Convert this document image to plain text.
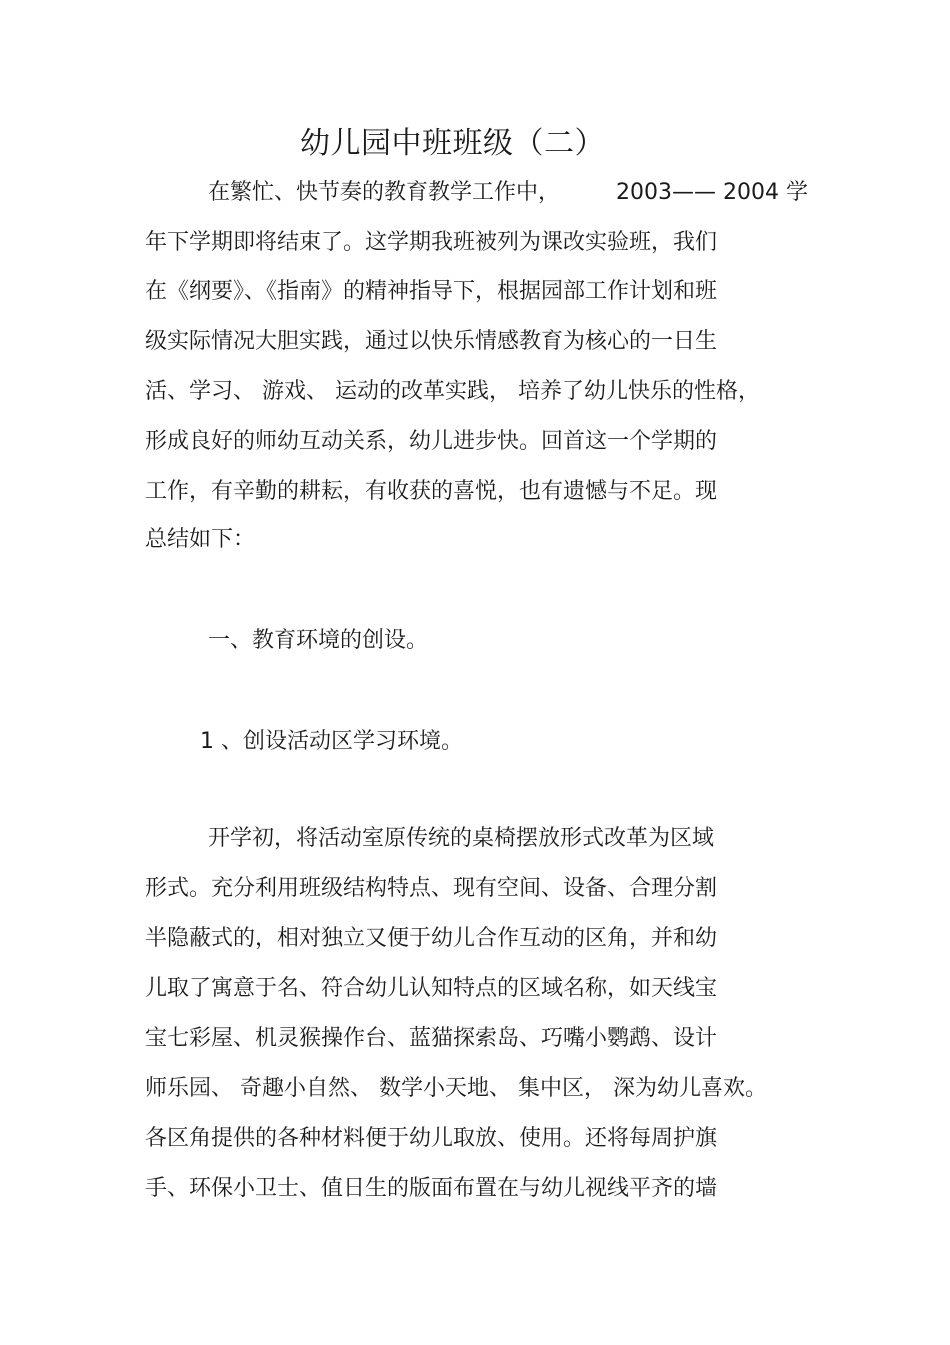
幼儿园中班班级（二）
在繁忙、快节奏的教育教学工作中，	2003—— 2004 学
年下学期即将结束了。这学期我班被列为课改实验班，我们
在《纲要》、《指南》的精神指导下，根据园部工作计划和班
级实际情况大胆实践，通过以快乐情感教育为核心的一日生
活、学习、 游戏、 运动的改革实践， 培养了幼儿快乐的性格，
形成良好的师幼互动关系，幼儿进步快。回首这一个学期的
工作，有辛勤的耕耘，有收获的喜悦，也有遗憾与不足。现
总结如下：
一、教育环境的创设。
1 、创设活动区学习环境。
开学初，将活动室原传统的桌椅摆放形式改革为区域
形式。充分利用班级结构特点、现有空间、设备、合理分割
半隐蔽式的，相对独立又便于幼儿合作互动的区角，并和幼
儿取了寓意于名、符合幼儿认知特点的区域名称，如天线宝
宝七彩屋、机灵猴操作台、蓝猫探索岛、巧嘴小鹦鹉、设计
师乐园、 奇趣小自然、 数学小天地、 集中区， 深为幼儿喜欢。
各区角提供的各种材料便于幼儿取放、使用。还将每周护旗
手、环保小卫士、值日生的版面布置在与幼儿视线平齐的墙
